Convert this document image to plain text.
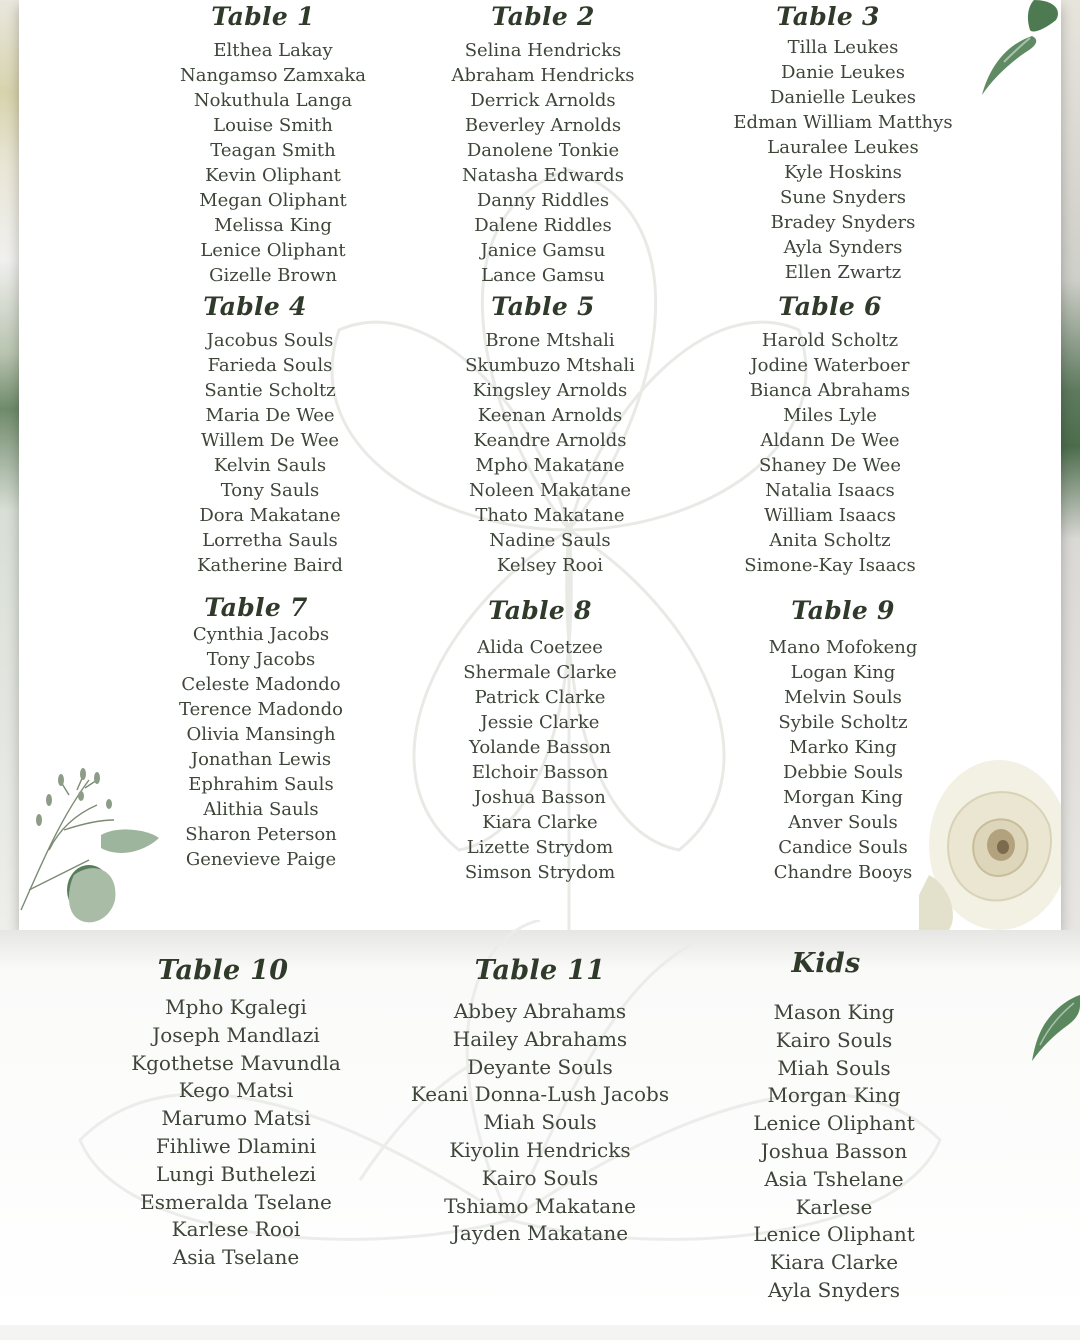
Table 1
Elthea Lakay
Nangamso Zamxaka
Nokuthula Langa
Louise Smith
Teagan Smith
Kevin Oliphant
Megan Oliphant
Melissa King
Lenice Oliphant
Gizelle Brown
Table 2
Selina Hendricks
Abraham Hendricks
Derrick Arnolds
Beverley Arnolds
Danolene Tonkie
Natasha Edwards
Danny Riddles
Dalene Riddles
Janice Gamsu
Lance Gamsu
Table 3
Tilla Leukes
Danie Leukes
Danielle Leukes
Edman William Matthys
Lauralee Leukes
Kyle Hoskins
Sune Snyders
Bradey Snyders
Ayla Synders
Ellen Zwartz
Table 4
Jacobus Souls
Farieda Souls
Santie Scholtz
Maria De Wee
Willem De Wee
Kelvin Sauls
Tony Sauls
Dora Makatane
Lorretha Sauls
Katherine Baird
Table 5
Brone Mtshali
Skumbuzo Mtshali
Kingsley Arnolds
Keenan Arnolds
Keandre Arnolds
Mpho Makatane
Noleen Makatane
Thato Makatane
Nadine Sauls
Kelsey Rooi
Table 6
Harold Scholtz
Jodine Waterboer
Bianca Abrahams
Miles Lyle
Aldann De Wee
Shaney De Wee
Natalia Isaacs
William Isaacs
Anita Scholtz
Simone-Kay Isaacs
Table 7
Cynthia Jacobs
Tony Jacobs
Celeste Madondo
Terence Madondo
Olivia Mansingh
Jonathan Lewis
Ephrahim Sauls
Alithia Sauls
Sharon Peterson
Genevieve Paige
Table 8
Alida Coetzee
Shermale Clarke
Patrick Clarke
Jessie Clarke
Yolande Basson
Elchoir Basson
Joshua Basson
Kiara Clarke
Lizette Strydom
Simson Strydom
Table 9
Mano Mofokeng
Logan King
Melvin Souls
Sybile Scholtz
Marko King
Debbie Souls
Morgan King
Anver Souls
Candice Souls
Chandre Booys
Table 10
Mpho Kgalegi
Joseph Mandlazi
Kgothetse Mavundla
Kego Matsi
Marumo Matsi
Fihliwe Dlamini
Lungi Buthelezi
Esmeralda Tselane
Karlese Rooi
Asia Tselane
Table 11
Abbey Abrahams
Hailey Abrahams
Deyante Souls
Keani Donna-Lush Jacobs
Miah Souls
Kiyolin Hendricks
Kairo Souls
Tshiamo Makatane
Jayden Makatane
Kids
Mason King
Kairo Souls
Miah Souls
Morgan King
Lenice Oliphant
Joshua Basson
Asia Tshelane
Karlese
Lenice Oliphant
Kiara Clarke
Ayla Snyders
